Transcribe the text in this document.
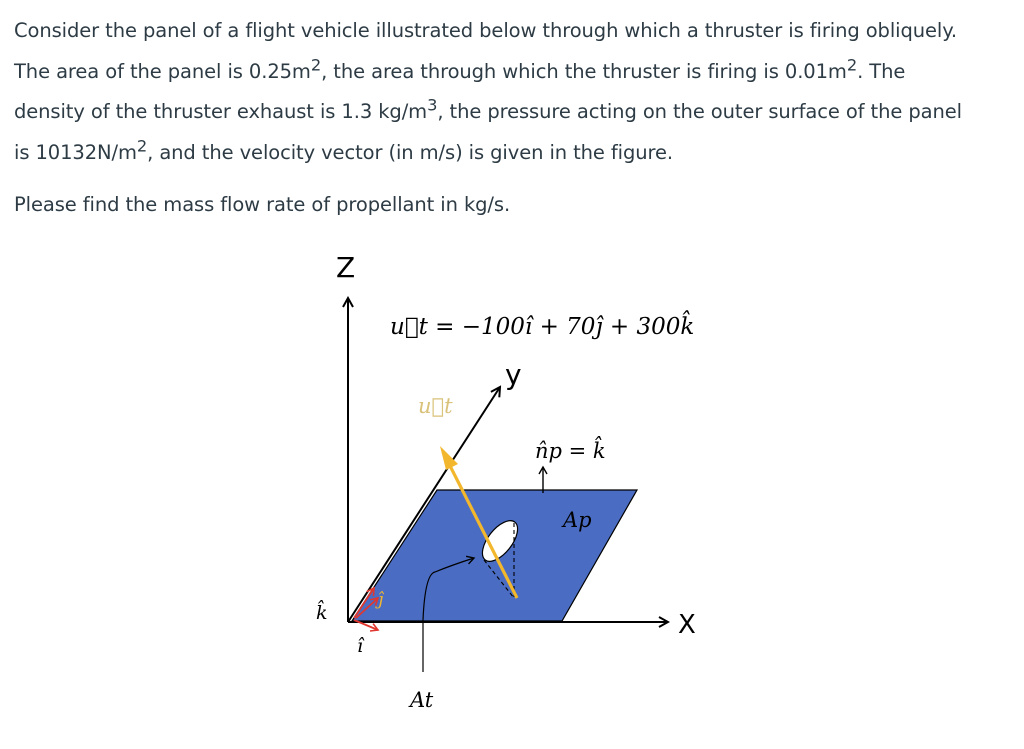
Consider the panel of a flight vehicle illustrated below through which a thruster is firing obliquely.
The area of the panel is $0.25m^2$, the area through which the thruster is firing is $0.01m^2$. The
density of the thruster exhaust is 1.3 $kg/m^3$, the pressure acting on the outer surface of the panel
is $10132N/m^2$, and the velocity vector (in m/s) is given in the figure.

Please find the mass flow rate of propellant in kg/s.

Z
y
X
u⃗t = −100î + 70ĵ + 300k̂
u⃗t
n̂p = k̂
Ap
At
k̂
ĵ
î
